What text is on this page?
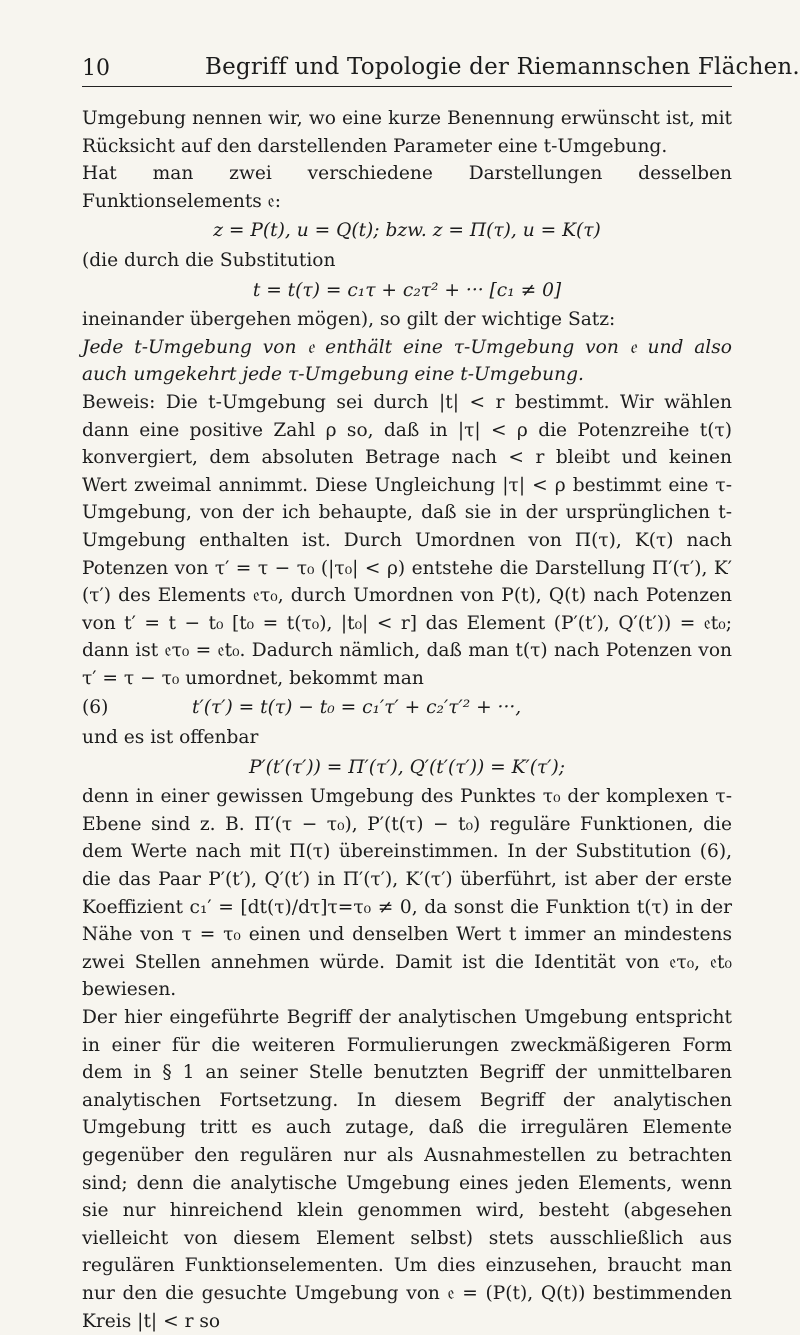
10	Begriff und Topologie der Riemannschen Flächen.

Umgebung nennen wir, wo eine kurze Benennung erwünscht ist, mit Rücksicht auf den darstellenden Parameter eine t-Umgebung.

Hat man zwei verschiedene Darstellungen desselben Funktionselements 𝔢:

z = P(t), u = Q(t); bzw. z = Π(τ), u = K(τ)

(die durch die Substitution

t = t(τ) = c₁τ + c₂τ² + ··· [c₁ ≠ 0]

ineinander übergehen mögen), so gilt der wichtige Satz:

Jede t-Umgebung von 𝔢 enthält eine τ-Umgebung von 𝔢 und also auch umgekehrt jede τ-Umgebung eine t-Umgebung.

Beweis: Die t-Umgebung sei durch |t| < r bestimmt. Wir wählen dann eine positive Zahl ρ so, daß in |τ| < ρ die Potenzreihe t(τ) konvergiert, dem absoluten Betrage nach < r bleibt und keinen Wert zweimal annimmt. Diese Ungleichung |τ| < ρ bestimmt eine τ-Umgebung, von der ich behaupte, daß sie in der ursprünglichen t-Umgebung enthalten ist. Durch Umordnen von Π(τ), K(τ) nach Potenzen von τ′ = τ − τ₀ (|τ₀| < ρ) entstehe die Darstellung Π′(τ′), K′(τ′) des Elements 𝔢τ₀, durch Umordnen von P(t), Q(t) nach Potenzen von t′ = t − t₀ [t₀ = t(τ₀), |t₀| < r] das Element (P′(t′), Q′(t′)) = 𝔢t₀; dann ist 𝔢τ₀ = 𝔢t₀. Dadurch nämlich, daß man t(τ) nach Potenzen von τ′ = τ − τ₀ umordnet, bekommt man

(6)	t′(τ′) = t(τ) − t₀ = c₁′τ′ + c₂′τ′² + ···,

und es ist offenbar

P′(t′(τ′)) = Π′(τ′), Q′(t′(τ′)) = K′(τ′);

denn in einer gewissen Umgebung des Punktes τ₀ der komplexen τ-Ebene sind z. B. Π′(τ − τ₀), P′(t(τ) − t₀) reguläre Funktionen, die dem Werte nach mit Π(τ) übereinstimmen. In der Substitution (6), die das Paar P′(t′), Q′(t′) in Π′(τ′), K′(τ′) überführt, ist aber der erste Koeffizient c₁′ = [dt(τ)/dτ]τ=τ₀ ≠ 0, da sonst die Funktion t(τ) in der Nähe von τ = τ₀ einen und denselben Wert t immer an mindestens zwei Stellen annehmen würde. Damit ist die Identität von 𝔢τ₀, 𝔢t₀ bewiesen.

Der hier eingeführte Begriff der analytischen Umgebung entspricht in einer für die weiteren Formulierungen zweckmäßigeren Form dem in § 1 an seiner Stelle benutzten Begriff der unmittelbaren analytischen Fortsetzung. In diesem Begriff der analytischen Umgebung tritt es auch zutage, daß die irregulären Elemente gegenüber den regulären nur als Ausnahmestellen zu betrachten sind; denn die analytische Umgebung eines jeden Elements, wenn sie nur hinreichend klein genommen wird, besteht (abgesehen vielleicht von diesem Element selbst) stets ausschließlich aus regulären Funktionselementen. Um dies einzusehen, braucht man nur den die gesuchte Umgebung von 𝔢 = (P(t), Q(t)) bestimmenden Kreis |t| < r so
